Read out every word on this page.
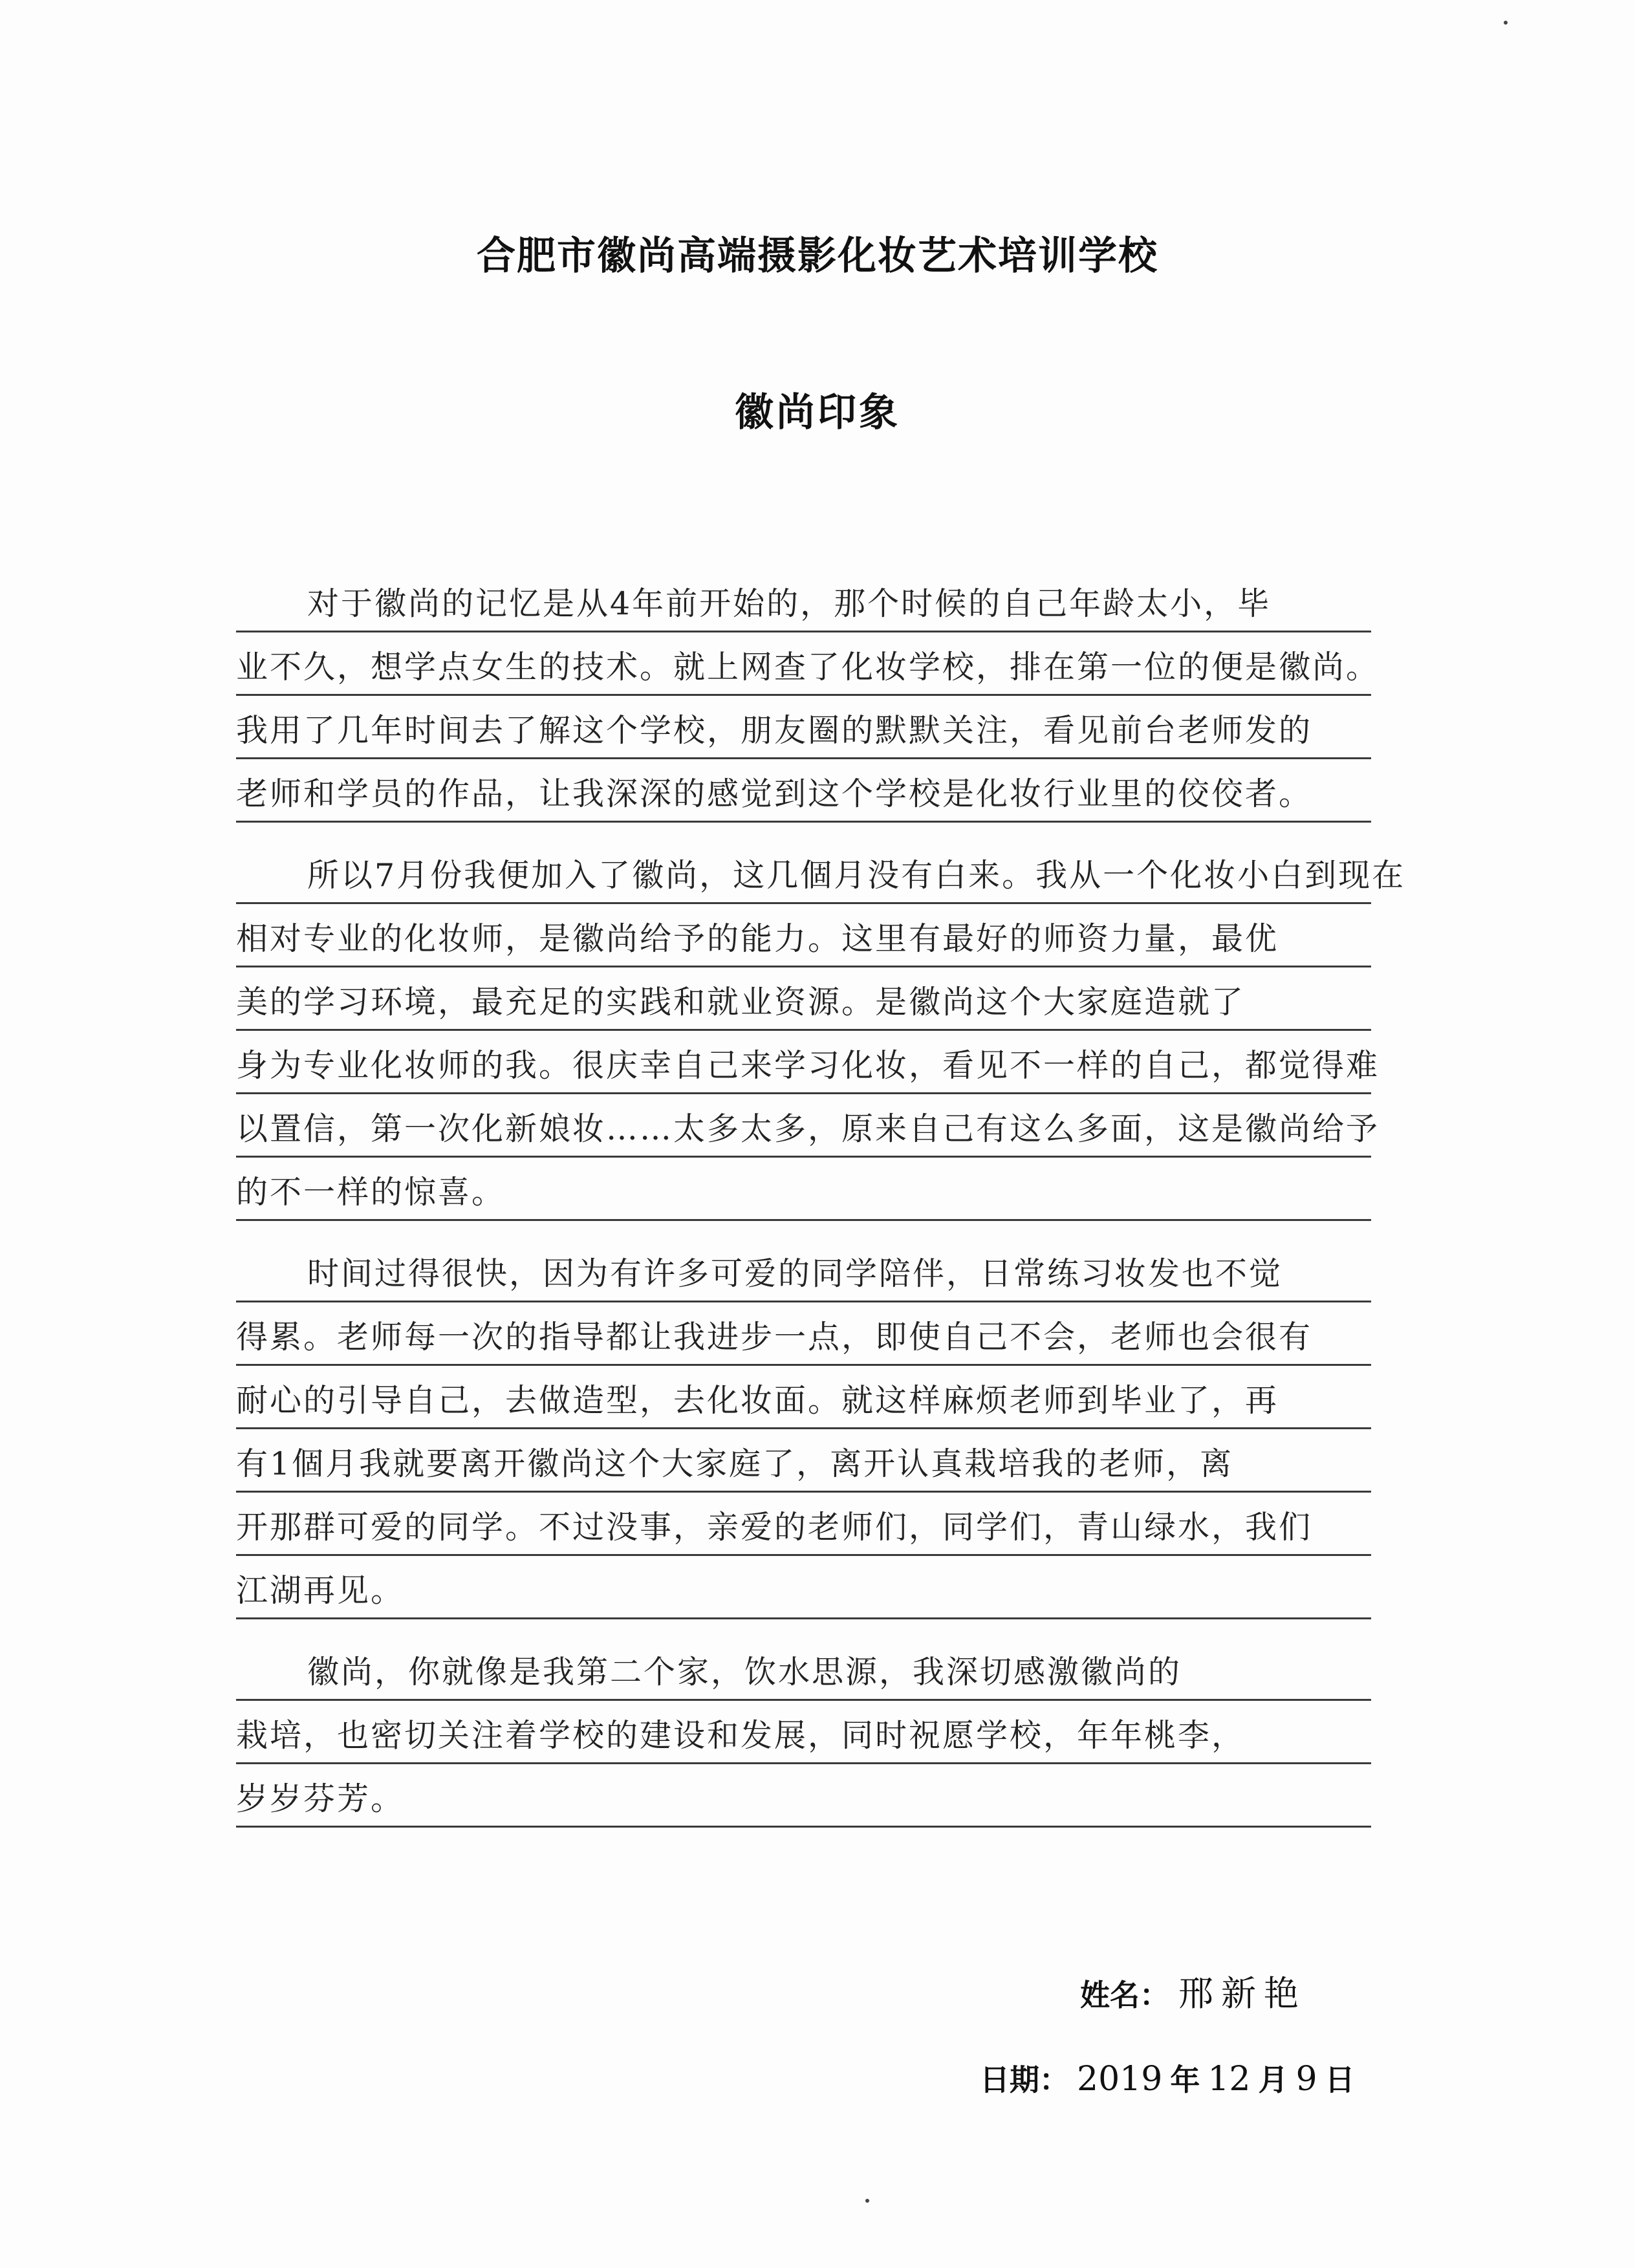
合肥市徽尚高端摄影化妆艺术培训学校
徽尚印象
对于徽尚的记忆是从4年前开始的，那个时候的自己年龄太小，毕
业不久，想学点女生的技术。就上网查了化妆学校，排在第一位的便是徽尚。
我用了几年时间去了解这个学校，朋友圈的默默关注，看见前台老师发的
老师和学员的作品，让我深深的感觉到这个学校是化妆行业里的佼佼者。
所以7月份我便加入了徽尚，这几個月没有白来。我从一个化妆小白到现在
相对专业的化妆师，是徽尚给予的能力。这里有最好的师资力量，最优
美的学习环境，最充足的实践和就业资源。是徽尚这个大家庭造就了
身为专业化妆师的我。很庆幸自己来学习化妆，看见不一样的自己，都觉得难
以置信，第一次化新娘妆……太多太多，原来自己有这么多面，这是徽尚给予
的不一样的惊喜。
时间过得很快，因为有许多可爱的同学陪伴，日常练习妆发也不觉
得累。老师每一次的指导都让我进步一点，即使自己不会，老师也会很有
耐心的引导自己，去做造型，去化妆面。就这样麻烦老师到毕业了，再
有1個月我就要离开徽尚这个大家庭了，离开认真栽培我的老师，离
开那群可爱的同学。不过没事，亲爱的老师们，同学们，青山绿水，我们
江湖再见。
徽尚，你就像是我第二个家，饮水思源，我深切感激徽尚的
栽培，也密切关注着学校的建设和发展，同时祝愿学校，年年桃李，
岁岁芬芳。
姓名： 邢新艳
日期： 2019 年 12 月 9 日
